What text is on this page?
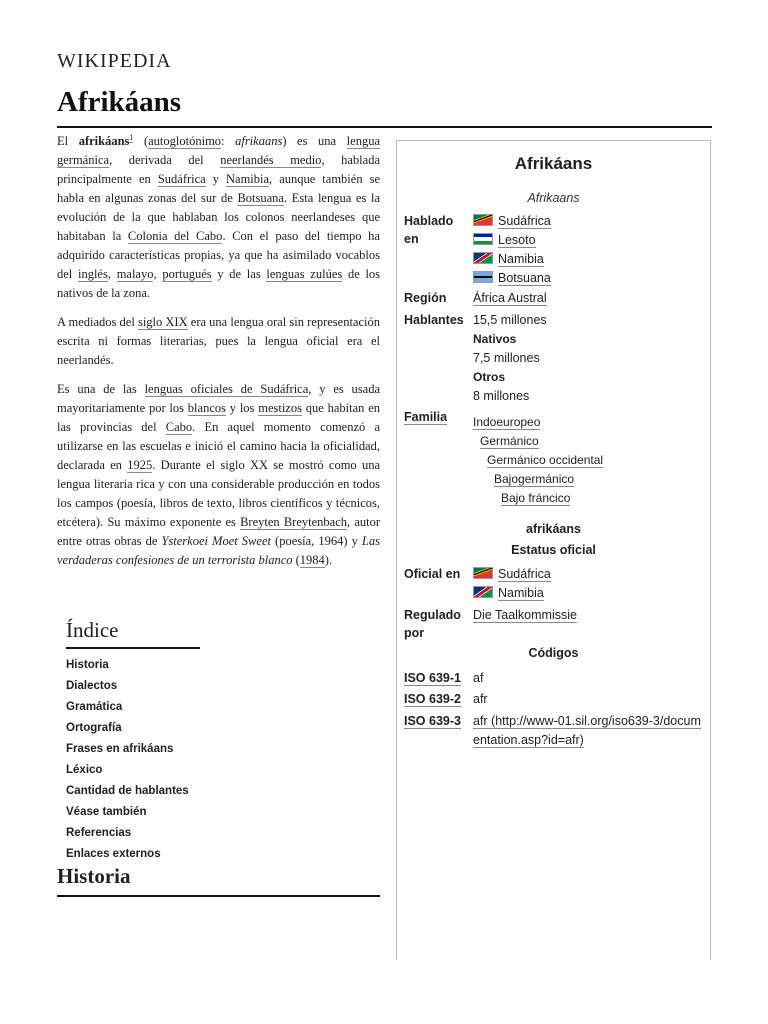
WIKIPEDIA
Afrikáans

El afrikáans$^1$ (autoglotónimo: afrikaans) es una lengua germánica, derivada del neerlandés medio, hablada principalmente en Sudáfrica y Namibia, aunque también se habla en algunas zonas del sur de Botsuana. Esta lengua es la evolución de la que hablaban los colonos neerlandeses que habitaban la Colonia del Cabo. Con el paso del tiempo ha adquirido características propias, ya que ha asimilado vocablos del inglés, malayo, portugués y de las lenguas zulúes de los nativos de la zona.

A mediados del siglo XIX era una lengua oral sin representación escrita ni formas literarias, pues la lengua oficial era el neerlandés.

Es una de las lenguas oficiales de Sudáfrica, y es usada mayoritariamente por los blancos y los mestizos que habitan en las provincias del Cabo. En aquel momento comenzó a utilizarse en las escuelas e inició el camino hacia la oficialidad, declarada en 1925. Durante el siglo XX se mostró como una lengua literaria rica y con una considerable producción en todos los campos (poesía, libros de texto, libros científicos y técnicos, etcétera). Su máximo exponente es Breyten Breytenbach, autor entre otras obras de Ysterkoei Moet Sweet (poesía, 1964) y Las verdaderas confesiones de un terrorista blanco (1984).

Índice
Historia
Dialectos
Gramática
Ortografía
Frases en afrikáans
Léxico
Cantidad de hablantes
Véase también
Referencias
Enlaces externos
Historia
Afrikáans
Afrikaans
Hablado en
Sudáfrica
Lesoto
Namibia
Botsuana
Región África Austral
Hablantes 15,5 millones
Nativos
7,5 millones
Otros
8 millones
Familia Indoeuropeo
Germánico
Germánico occidental
Bajogermánico
Bajo fráncico
afrikáans
Estatus oficial
Oficial en	Sudáfrica
Namibia
Regulado por
Die Taalkommissie
Códigos
ISO 639-1 af
ISO 639-2 afr
ISO 639-3 afr (http://www-01.sil.org/iso639-3/documentation.asp?id=afr)
